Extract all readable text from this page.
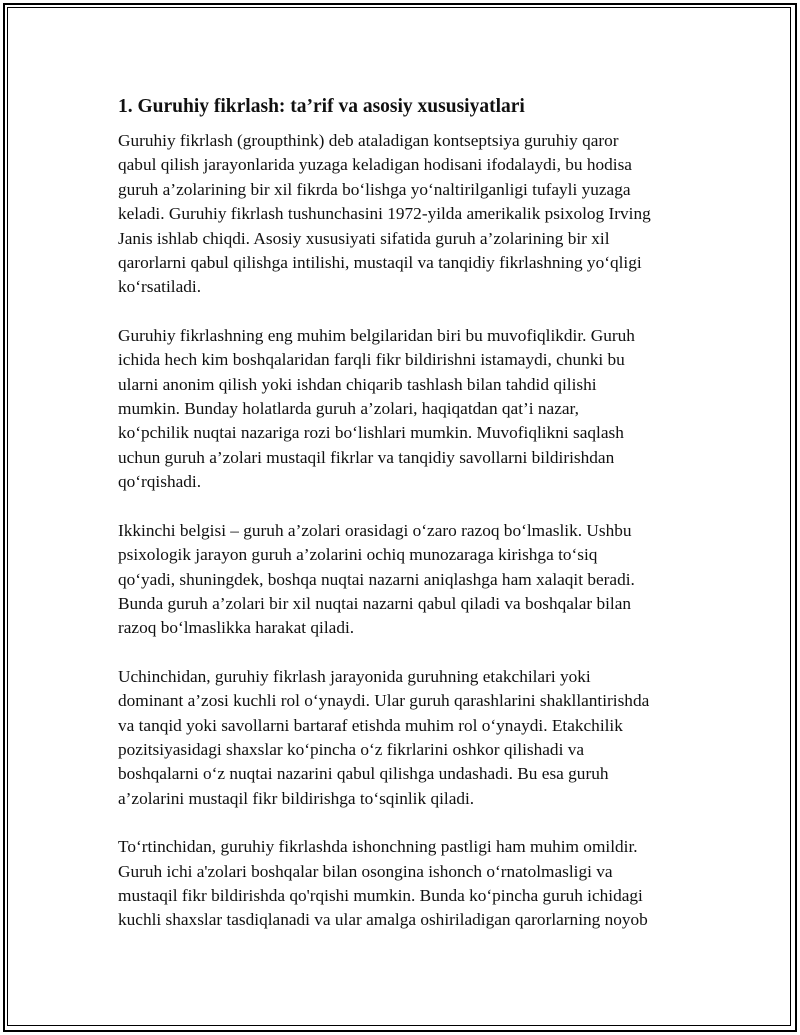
1. Guruhiy fikrlash: ta’rif va asosiy xususiyatlari

Guruhiy fikrlash (groupthink) deb ataladigan kontseptsiya guruhiy qaror
qabul qilish jarayonlarida yuzaga keladigan hodisani ifodalaydi, bu hodisa
guruh a’zolarining bir xil fikrda bo‘lishga yo‘naltirilganligi tufayli yuzaga
keladi. Guruhiy fikrlash tushunchasini 1972-yilda amerikalik psixolog Irving
Janis ishlab chiqdi. Asosiy xususiyati sifatida guruh a’zolarining bir xil
qarorlarni qabul qilishga intilishi, mustaqil va tanqidiy fikrlashning yo‘qligi
ko‘rsatiladi.

Guruhiy fikrlashning eng muhim belgilaridan biri bu muvofiqlikdir. Guruh
ichida hech kim boshqalaridan farqli fikr bildirishni istamaydi, chunki bu
ularni anonim qilish yoki ishdan chiqarib tashlash bilan tahdid qilishi
mumkin. Bunday holatlarda guruh a’zolari, haqiqatdan qat’i nazar,
ko‘pchilik nuqtai nazariga rozi bo‘lishlari mumkin. Muvofiqlikni saqlash
uchun guruh a’zolari mustaqil fikrlar va tanqidiy savollarni bildirishdan
qo‘rqishadi.

Ikkinchi belgisi – guruh a’zolari orasidagi o‘zaro razoq bo‘lmaslik. Ushbu
psixologik jarayon guruh a’zolarini ochiq munozaraga kirishga to‘siq
qo‘yadi, shuningdek, boshqa nuqtai nazarni aniqlashga ham xalaqit beradi.
Bunda guruh a’zolari bir xil nuqtai nazarni qabul qiladi va boshqalar bilan
razoq bo‘lmaslikka harakat qiladi.

Uchinchidan, guruhiy fikrlash jarayonida guruhning etakchilari yoki
dominant a’zosi kuchli rol o‘ynaydi. Ular guruh qarashlarini shakllantirishda
va tanqid yoki savollarni bartaraf etishda muhim rol o‘ynaydi. Etakchilik
pozitsiyasidagi shaxslar ko‘pincha o‘z fikrlarini oshkor qilishadi va
boshqalarni o‘z nuqtai nazarini qabul qilishga undashadi. Bu esa guruh
a’zolarini mustaqil fikr bildirishga to‘sqinlik qiladi.

To‘rtinchidan, guruhiy fikrlashda ishonchning pastligi ham muhim omildir.
Guruh ichi a'zolari boshqalar bilan osongina ishonch o‘rnatolmasligi va
mustaqil fikr bildirishda qo'rqishi mumkin. Bunda ko‘pincha guruh ichidagi
kuchli shaxslar tasdiqlanadi va ular amalga oshiriladigan qarorlarning noyob
